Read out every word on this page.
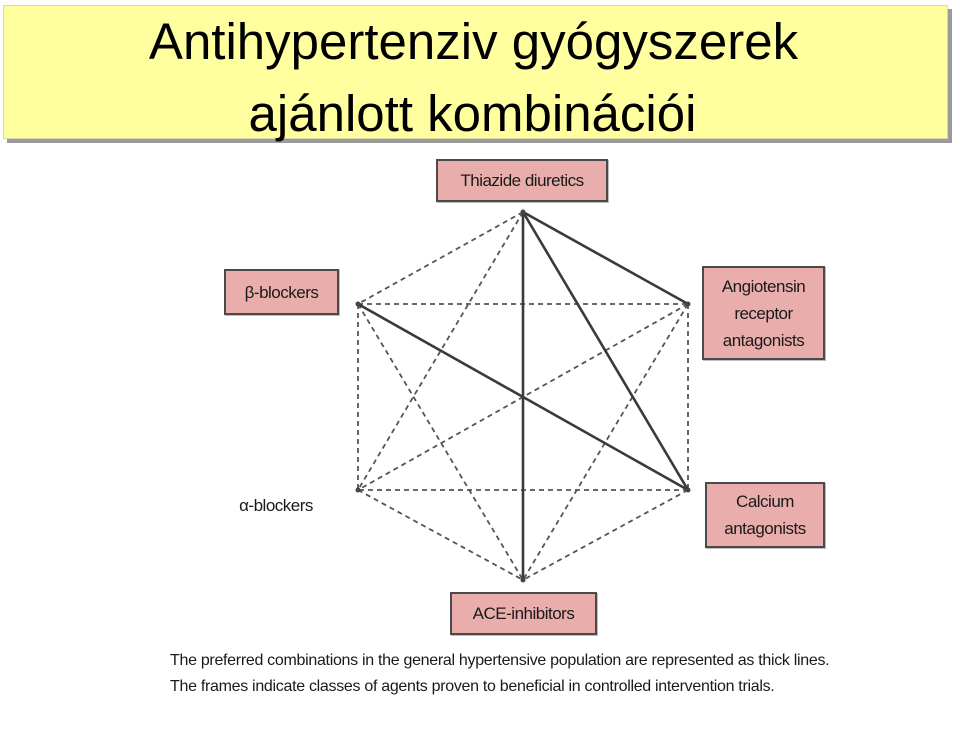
Antihypertenziv gyógyszerek
ajánlott kombinációi
Thiazide diuretics
β-blockers	Angiotensin receptor antagonists
α-blockers	Calcium antagonists
ACE-inhibitors

The preferred combinations in the general hypertensive population are represented as thick lines.

The frames indicate classes of agents proven to beneficial in controlled intervention trials.
